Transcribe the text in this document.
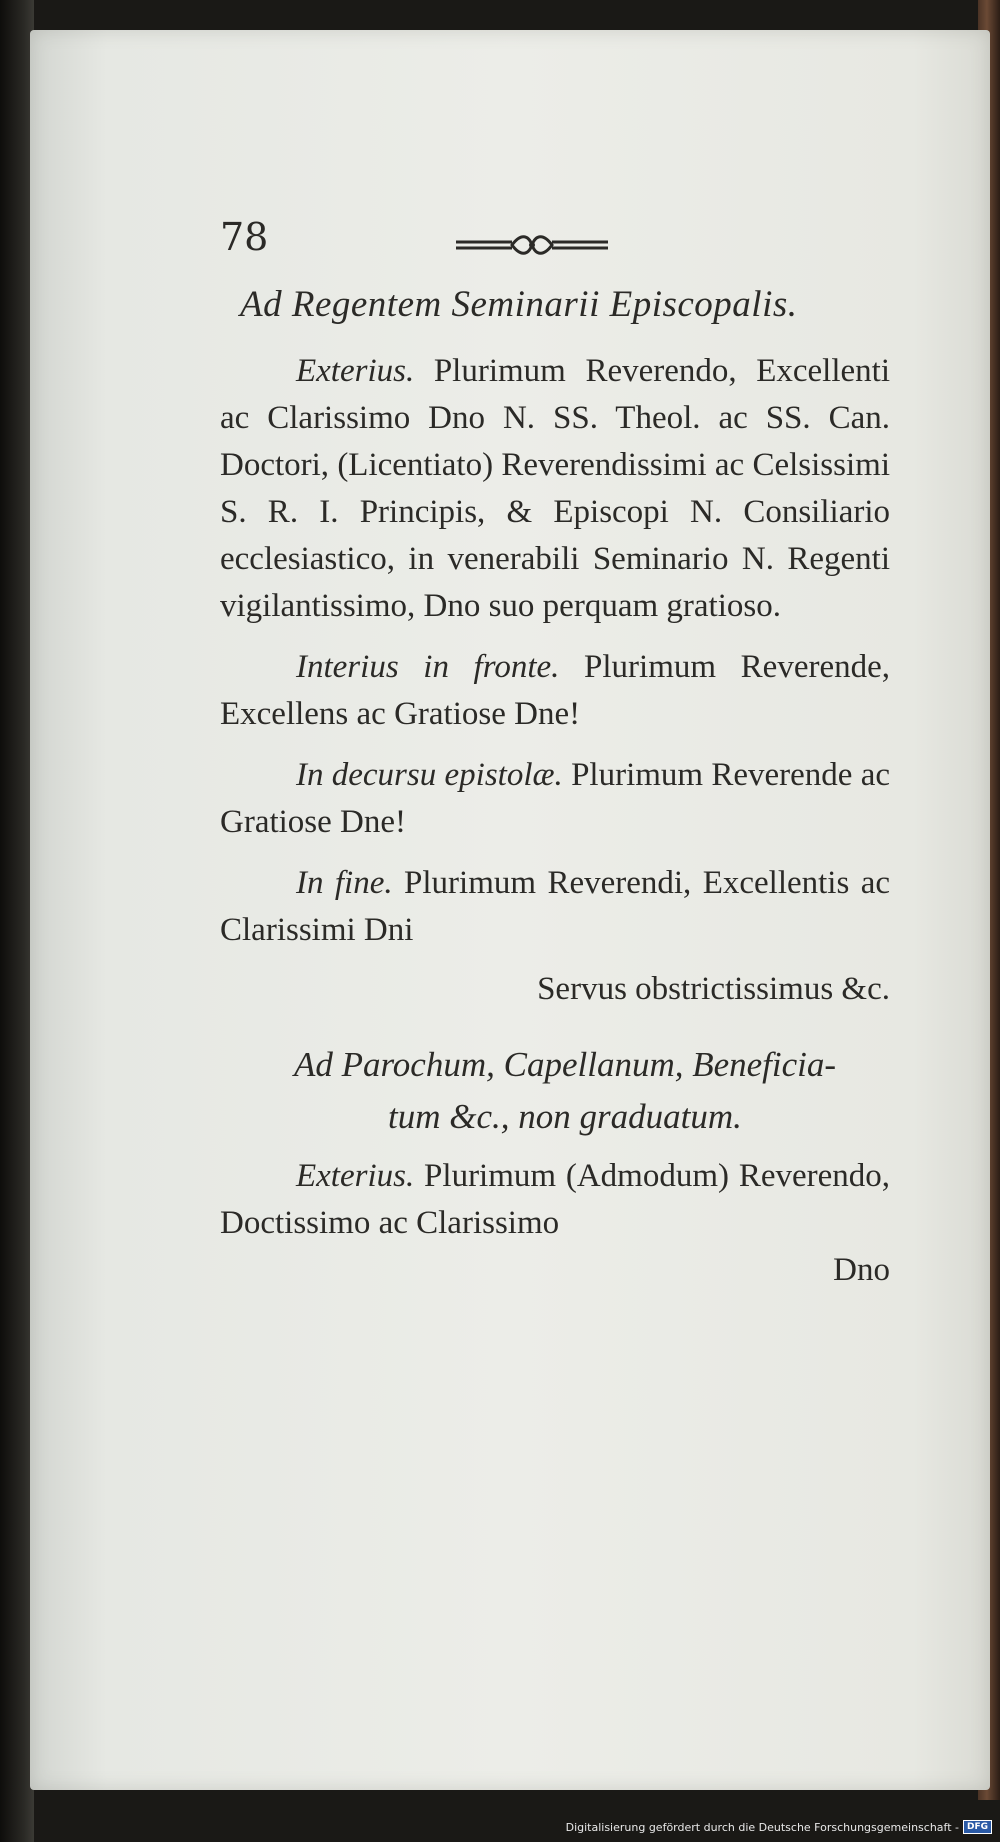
78
Ad Regentem Seminarii Episcopalis.

Exterius. Plurimum Reverendo, Excellenti ac Clarissimo Dno N. SS. Theol. ac SS. Can. Doctori, (Licentiato) Reverendissimi ac Celsissimi S. R. I. Principis, & Episcopi N. Consiliario ecclesiastico, in venerabili Seminario N. Regenti vigilantissimo, Dno suo perquam gratioso.

Interius in fronte. Plurimum Reverende, Excellens ac Gratiose Dne!

In decursu epistolæ. Plurimum Reverende ac Gratiose Dne!

In fine. Plurimum Reverendi, Excellentis ac Clarissimi Dni

Servus obstrictissimus &c.
Ad Parochum, Capellanum, Beneficia-
tum &c., non graduatum.

Exterius. Plurimum (Admodum) Reverendo, Doctissimo ac Clarissimo

Dno
Digitalisierung gefördert durch die Deutsche Forschungsgemeinschaft - DFG
